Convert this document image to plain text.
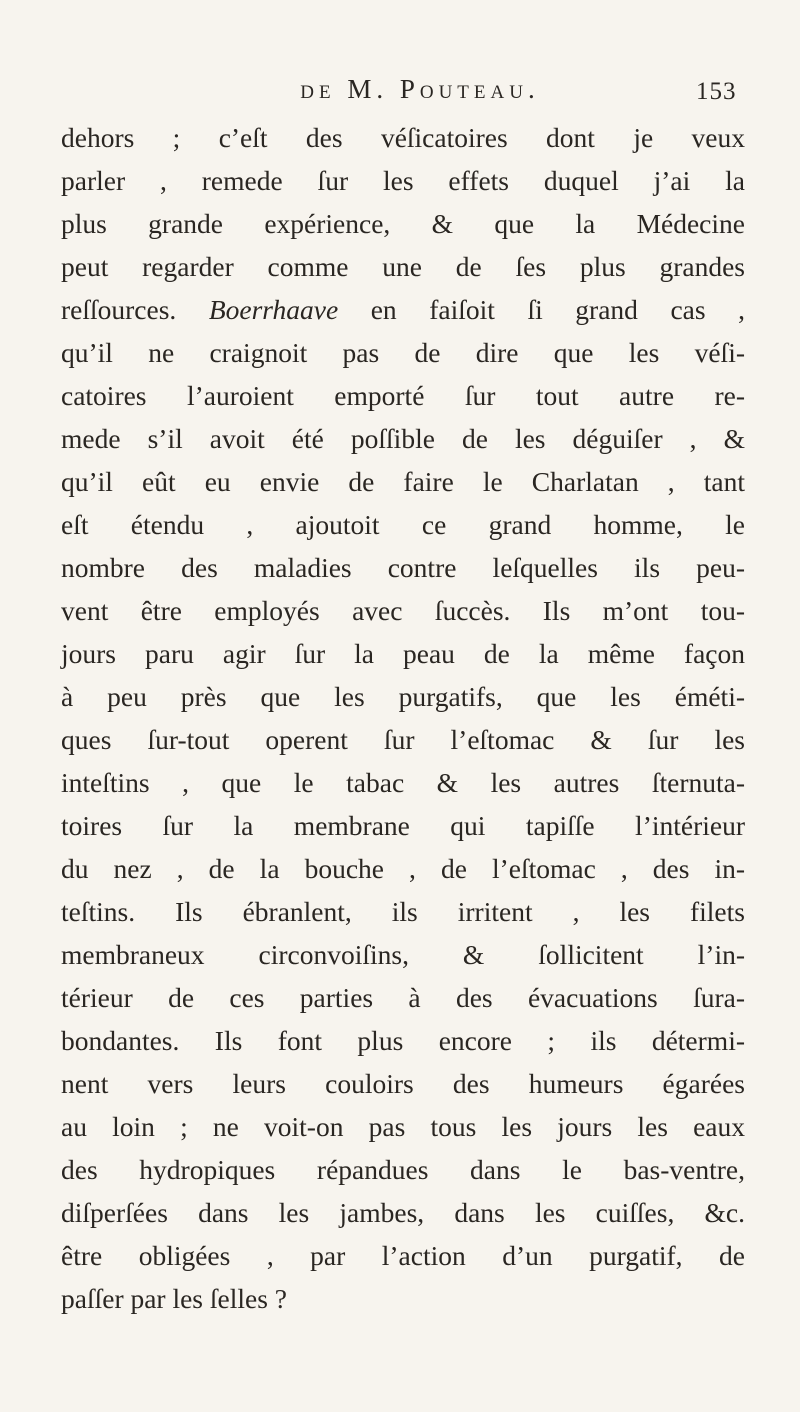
de M. Pouteau.	153
dehors ; c’eſt des véſicatoires dont je veux
parler , remede ſur les effets duquel j’ai la
plus grande expérience, & que la Médecine
peut regarder comme une de ſes plus grandes
reſſources. Boerrhaave en faiſoit ſi grand cas ,
qu’il ne craignoit pas de dire que les véſi-
catoires l’auroient emporté ſur tout autre re-
mede s’il avoit été poſſible de les déguiſer , &
qu’il eût eu envie de faire le Charlatan , tant
eſt étendu , ajoutoit ce grand homme, le
nombre des maladies contre leſquelles ils peu-
vent être employés avec ſuccès. Ils m’ont tou-
jours paru agir ſur la peau de la même façon
à peu près que les purgatifs, que les éméti-
ques ſur-tout operent ſur l’eſtomac & ſur les
inteſtins , que le tabac & les autres ſternuta-
toires ſur la membrane qui tapiſſe l’intérieur
du nez , de la bouche , de l’eſtomac , des in-
teſtins. Ils ébranlent, ils irritent , les filets
membraneux circonvoiſins, & ſollicitent l’in-
térieur de ces parties à des évacuations ſura-
bondantes. Ils font plus encore ; ils détermi-
nent vers leurs couloirs des humeurs égarées
au loin ; ne voit-on pas tous les jours les eaux
des hydropiques répandues dans le bas-ventre,
diſperſées dans les jambes, dans les cuiſſes, &c.
être obligées , par l’action d’un purgatif, de
paſſer par les ſelles ?
